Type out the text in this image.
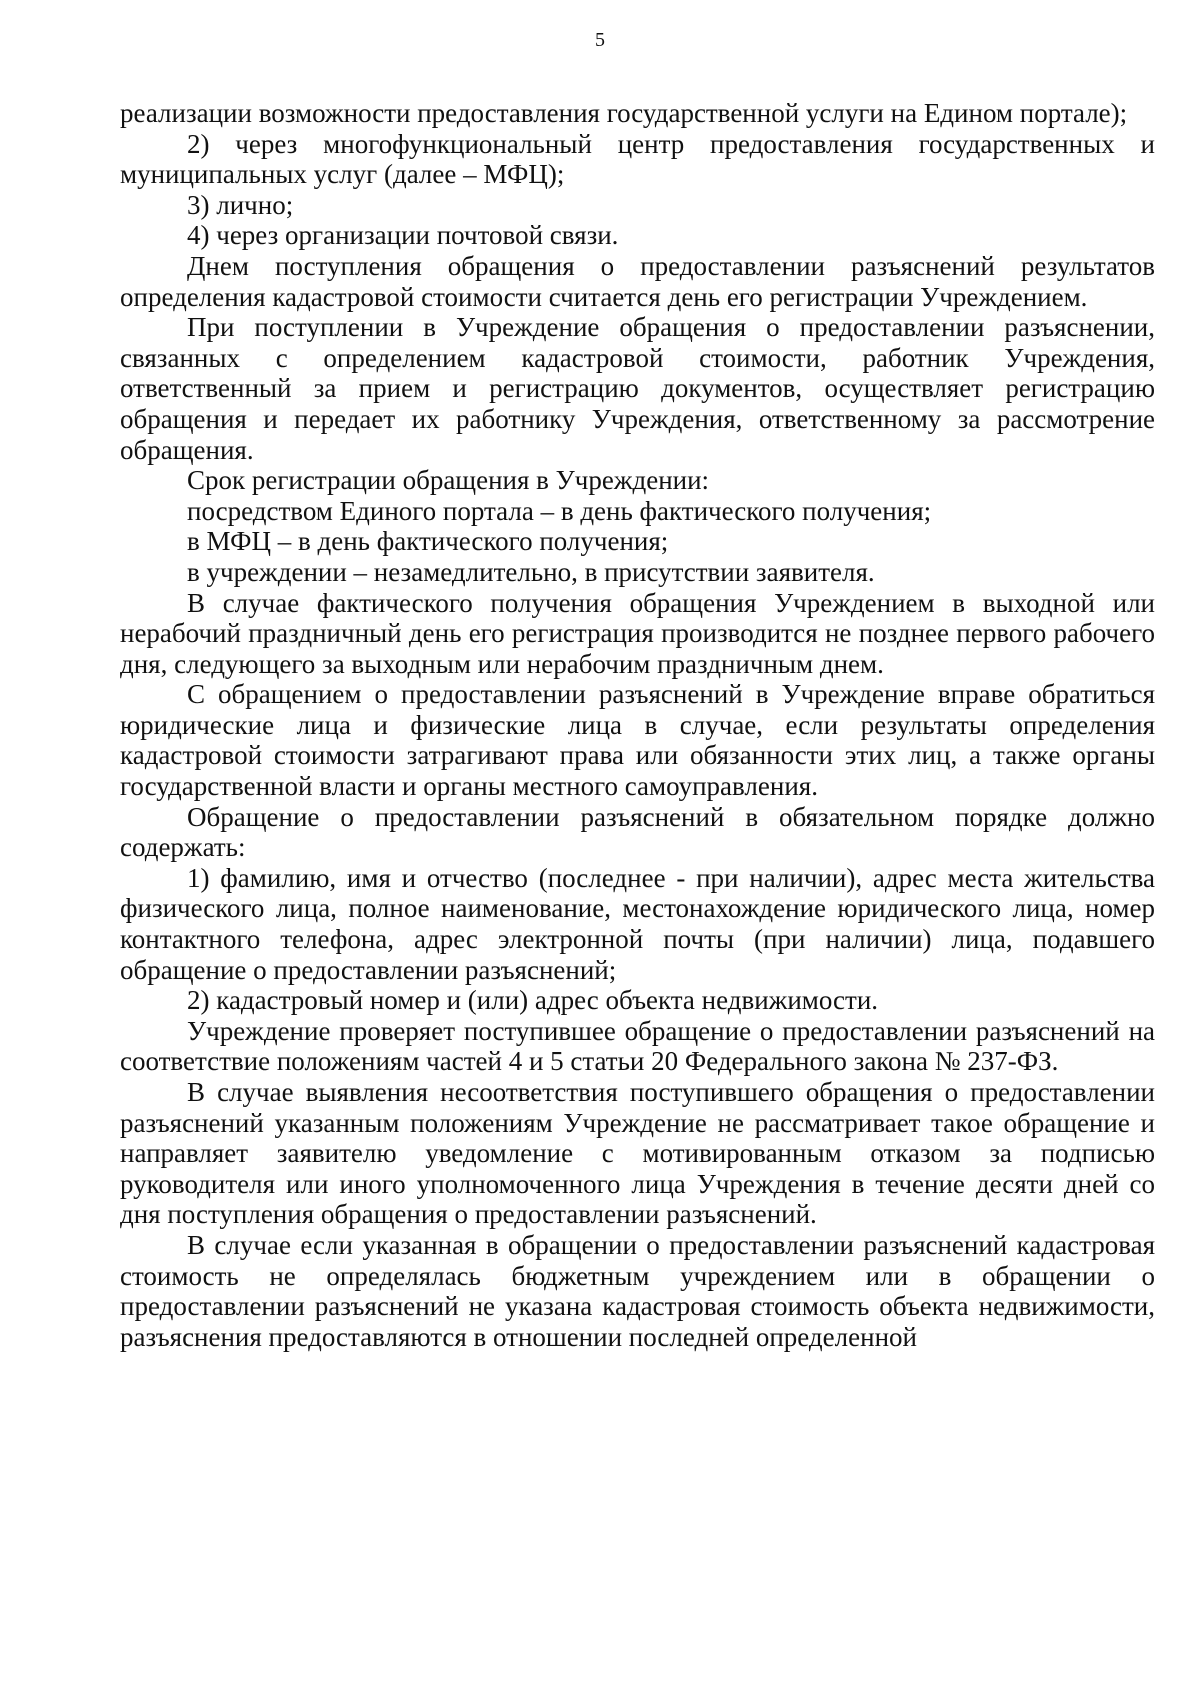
5

реализации возможности предоставления государственной услуги на Едином портале);

2) через многофункциональный центр предоставления государственных и муниципальных услуг (далее – МФЦ);

3) лично;

4) через организации почтовой связи.

Днем поступления обращения о предоставлении разъяснений результатов определения кадастровой стоимости считается день его регистрации Учреждением.

При поступлении в Учреждение обращения о предоставлении разъяснении, связанных с определением кадастровой стоимости, работник Учреждения, ответственный за прием и регистрацию документов, осуществляет регистрацию обращения и передает их работнику Учреждения, ответственному за рассмотрение обращения.

Срок регистрации обращения в Учреждении:

посредством Единого портала – в день фактического получения;

в МФЦ – в день фактического получения;

в учреждении – незамедлительно, в присутствии заявителя.

В случае фактического получения обращения Учреждением в выходной или нерабочий праздничный день его регистрация производится не позднее первого рабочего дня, следующего за выходным или нерабочим праздничным днем.

С обращением о предоставлении разъяснений в Учреждение вправе обратиться юридические лица и физические лица в случае, если результаты определения кадастровой стоимости затрагивают права или обязанности этих лиц, а также органы государственной власти и органы местного самоуправления.

Обращение о предоставлении разъяснений в обязательном порядке должно содержать:

1) фамилию, имя и отчество (последнее - при наличии), адрес места жительства физического лица, полное наименование, местонахождение юридического лица, номер контактного телефона, адрес электронной почты (при наличии) лица, подавшего обращение о предоставлении разъяснений;

2) кадастровый номер и (или) адрес объекта недвижимости.

Учреждение проверяет поступившее обращение о предоставлении разъяснений на соответствие положениям частей 4 и 5 статьи 20 Федерального закона № 237-ФЗ.

В случае выявления несоответствия поступившего обращения о предоставлении разъяснений указанным положениям Учреждение не рассматривает такое обращение и направляет заявителю уведомление с мотивированным отказом за подписью руководителя или иного уполномоченного лица Учреждения в течение десяти дней со дня поступления обращения о предоставлении разъяснений.

В случае если указанная в обращении о предоставлении разъяснений кадастровая стоимость не определялась бюджетным учреждением или в обращении о предоставлении разъяснений не указана кадастровая стоимость объекта недвижимости, разъяснения предоставляются в отношении последней определенной
